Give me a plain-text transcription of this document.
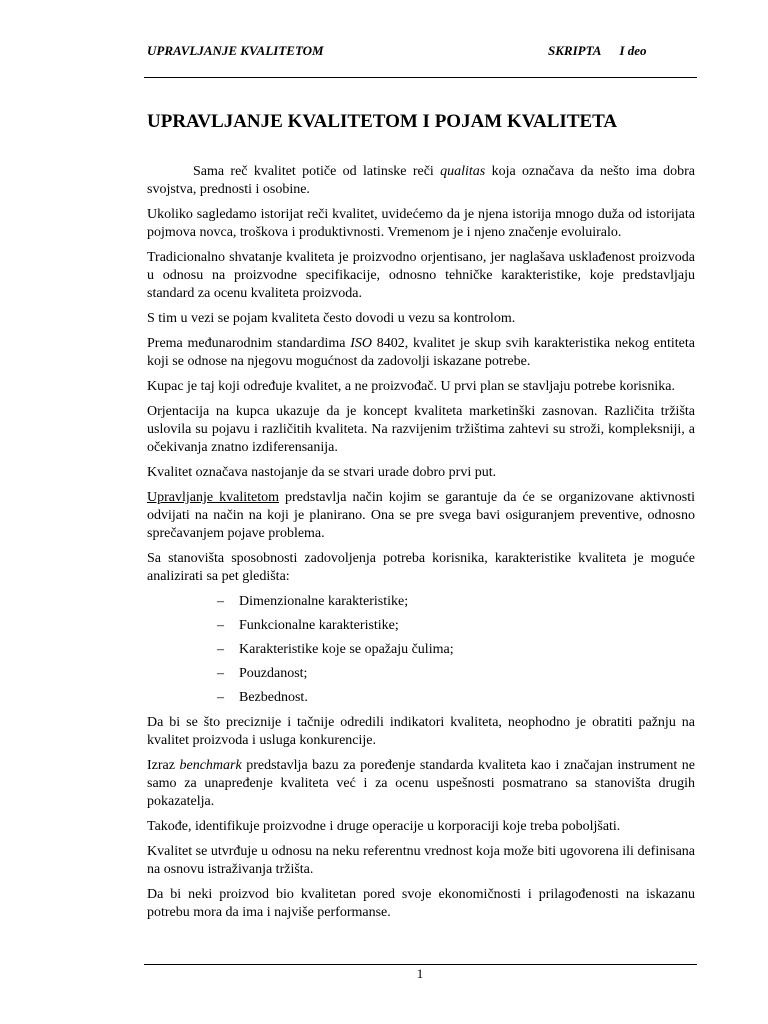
UPRAVLJANJE KVALITETOM	SKRIPTA I deo
UPRAVLJANJE KVALITETOM I POJAM KVALITETA

Sama reč kvalitet potiče od latinske reči qualitas koja označava da nešto ima dobra svojstva, prednosti i osobine.

Ukoliko sagledamo istorijat reči kvalitet, uvidećemo da je njena istorija mnogo duža od istorijata pojmova novca, troškova i produktivnosti. Vremenom je i njeno značenje evoluiralo.

Tradicionalno shvatanje kvaliteta je proizvodno orjentisano, jer naglašava usklađenost proizvoda u odnosu na proizvodne specifikacije, odnosno tehničke karakteristike, koje predstavljaju standard za ocenu kvaliteta proizvoda.

S tim u vezi se pojam kvaliteta često dovodi u vezu sa kontrolom.

Prema međunarodnim standardima ISO 8402, kvalitet je skup svih karakteristika nekog entiteta koji se odnose na njegovu mogućnost da zadovolji iskazane potrebe.

Kupac je taj koji određuje kvalitet, a ne proizvođač. U prvi plan se stavljaju potrebe korisnika.

Orjentacija na kupca ukazuje da je koncept kvaliteta marketinški zasnovan. Različita tržišta uslovila su pojavu i različitih kvaliteta. Na razvijenim tržištima zahtevi su stroži, kompleksniji, a očekivanja znatno izdiferensanija.

Kvalitet označava nastojanje da se stvari urade dobro prvi put.

Upravljanje kvalitetom predstavlja način kojim se garantuje da će se organizovane aktivnosti odvijati na način na koji je planirano. Ona se pre svega bavi osiguranjem preventive, odnosno sprečavanjem pojave problema.

Sa stanovišta sposobnosti zadovoljenja potreba korisnika, karakteristike kvaliteta je moguće analizirati sa pet gledišta:

– Dimenzionalne karakteristike;
– Funkcionalne karakteristike;
– Karakteristike koje se opažaju čulima;
– Pouzdanost;
– Bezbednost.

Da bi se što preciznije i tačnije odredili indikatori kvaliteta, neophodno je obratiti pažnju na kvalitet proizvoda i usluga konkurencije.

Izraz benchmark predstavlja bazu za poređenje standarda kvaliteta kao i značajan instrument ne samo za unapređenje kvaliteta već i za ocenu uspešnosti posmatrano sa stanovišta drugih pokazatelja.

Takođe, identifikuje proizvodne i druge operacije u korporaciji koje treba poboljšati.

Kvalitet se utvrđuje u odnosu na neku referentnu vrednost koja može biti ugovorena ili definisana na osnovu istraživanja tržišta.

Da bi neki proizvod bio kvalitetan pored svoje ekonomičnosti i prilagođenosti na iskazanu potrebu mora da ima i najviše performanse.

1
